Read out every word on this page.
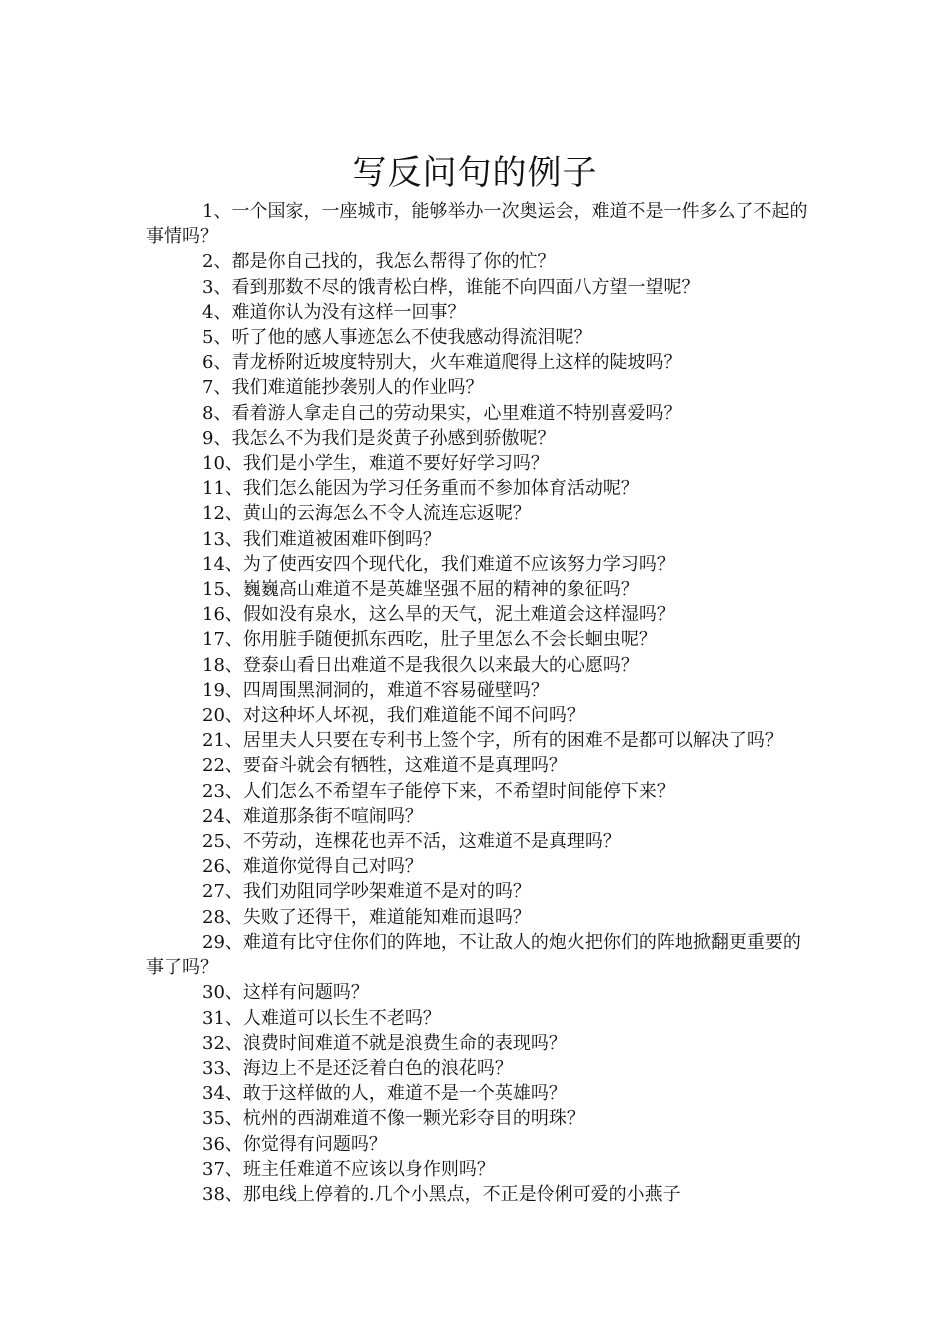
写反问句的例子
1、一个国家，一座城市，能够举办一次奥运会，难道不是一件多么了不起的事情吗？
2、都是你自己找的，我怎么帮得了你的忙？
3、看到那数不尽的饿青松白桦，谁能不向四面八方望一望呢？
4、难道你认为没有这样一回事？
5、听了他的感人事迹怎么不使我感动得流泪呢？
6、青龙桥附近坡度特别大，火车难道爬得上这样的陡坡吗？
7、我们难道能抄袭别人的作业吗？
8、看着游人拿走自己的劳动果实，心里难道不特别喜爱吗？
9、我怎么不为我们是炎黄子孙感到骄傲呢？
10、我们是小学生，难道不要好好学习吗？
11、我们怎么能因为学习任务重而不参加体育活动呢？
12、黄山的云海怎么不令人流连忘返呢？
13、我们难道被困难吓倒吗？
14、为了使西安四个现代化，我们难道不应该努力学习吗？
15、巍巍高山难道不是英雄坚强不屈的精神的象征吗？
16、假如没有泉水，这么旱的天气，泥土难道会这样湿吗？
17、你用脏手随便抓东西吃，肚子里怎么不会长蛔虫呢？
18、登泰山看日出难道不是我很久以来最大的心愿吗？
19、四周围黑洞洞的，难道不容易碰壁吗？
20、对这种坏人坏视，我们难道能不闻不问吗？
21、居里夫人只要在专利书上签个字，所有的困难不是都可以解决了吗？
22、要奋斗就会有牺牲，这难道不是真理吗？
23、人们怎么不希望车子能停下来，不希望时间能停下来？
24、难道那条街不喧闹吗？
25、不劳动，连棵花也弄不活，这难道不是真理吗？
26、难道你觉得自己对吗？
27、我们劝阻同学吵架难道不是对的吗？
28、失败了还得干，难道能知难而退吗？
29、难道有比守住你们的阵地，不让敌人的炮火把你们的阵地掀翻更重要的事了吗？
30、这样有问题吗？
31、人难道可以长生不老吗？
32、浪费时间难道不就是浪费生命的表现吗？
33、海边上不是还泛着白色的浪花吗？
34、敢于这样做的人，难道不是一个英雄吗？
35、杭州的西湖难道不像一颗光彩夺目的明珠？
36、你觉得有问题吗？
37、班主任难道不应该以身作则吗？
38、那电线上停着的.几个小黑点，不正是伶俐可爱的小燕子
